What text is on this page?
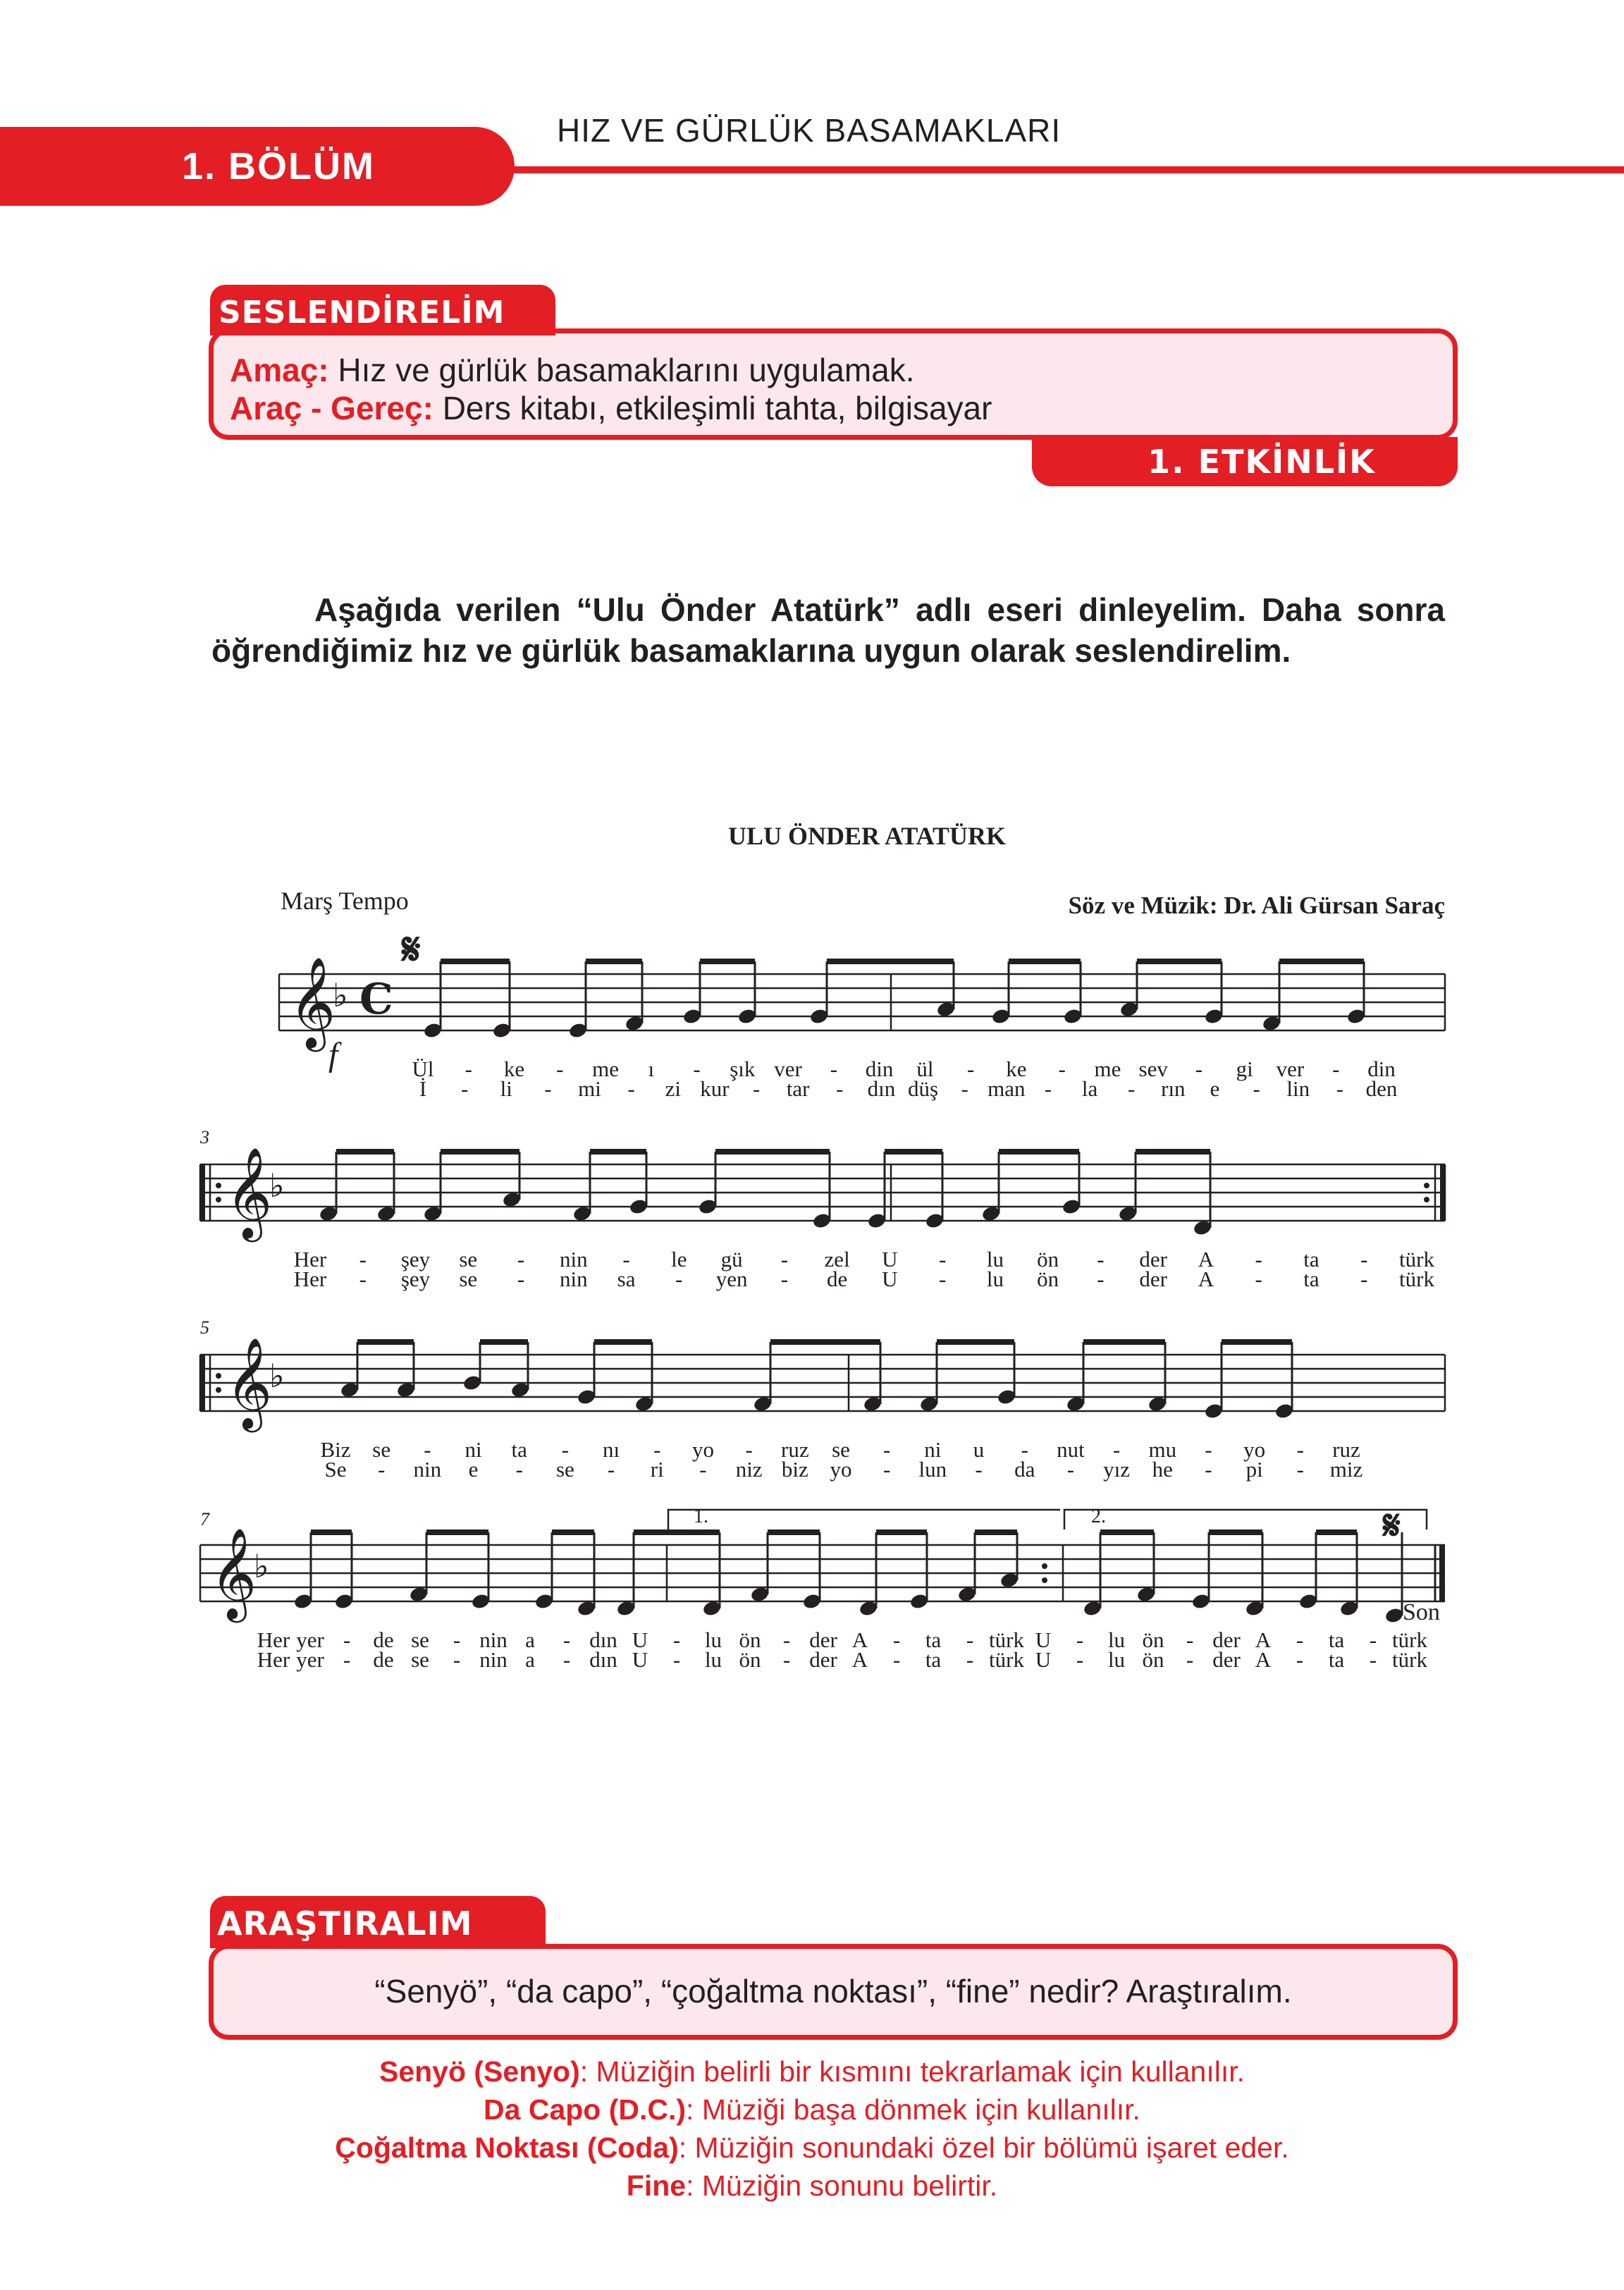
1. BÖLÜM
HIZ VE GÜRLÜK BASAMAKLARI
SESLENDİRELİM
Amaç: Hız ve gürlük basamaklarını uygulamak.
Araç - Gereç: Ders kitabı, etkileşimli tahta, bilgisayar
1. ETKİNLİK
Aşağıda verilen “Ulu Önder Atatürk” adlı eseri dinleyelim. Daha sonra öğrendiğimiz hız ve gürlük basamaklarına uygun olarak seslendirelim.
𝄞
♭ C
𝄞
♭
𝄞
♭
𝄞
♭
ULU ÖNDER ATATÜRK
Marş Tempo	Söz ve Müzik: Dr. Ali Gürsan Saraç
f
𝄋
𝄋
Son
3
5
7	1.	2.
Ül - ke - me ı - şık ver - din ül - ke - me sev - gi ver - din
İ - li - mi - zi kur - tar - dın düş - man - la - rın e - lin - den
Her - şey se - nin - le gü - zel U - lu ön - der A - ta - türk
Her - şey se - nin sa - yen - de U - lu ön - der A - ta - türk
Biz se - ni ta - nı - yo - ruz se - ni u - nut - mu - yo - ruz
Se - nin e - se - ri - niz biz yo - lun - da - yız he - pi - miz
Her yer - de se - nin a - dın U - lu ön - der A - ta - türk U - lu ön - der A - ta - türk
Her yer - de se - nin a - dın U - lu ön - der A - ta - türk U - lu ön - der A - ta - türk
ARAŞTIRALIM
“Senyö”, “da capo”, “çoğaltma noktası”, “fine” nedir? Araştıralım.
Senyö (Senyo): Müziğin belirli bir kısmını tekrarlamak için kullanılır.
Da Capo (D.C.): Müziği başa dönmek için kullanılır.
Çoğaltma Noktası (Coda): Müziğin sonundaki özel bir bölümü işaret eder.
Fine: Müziğin sonunu belirtir.
